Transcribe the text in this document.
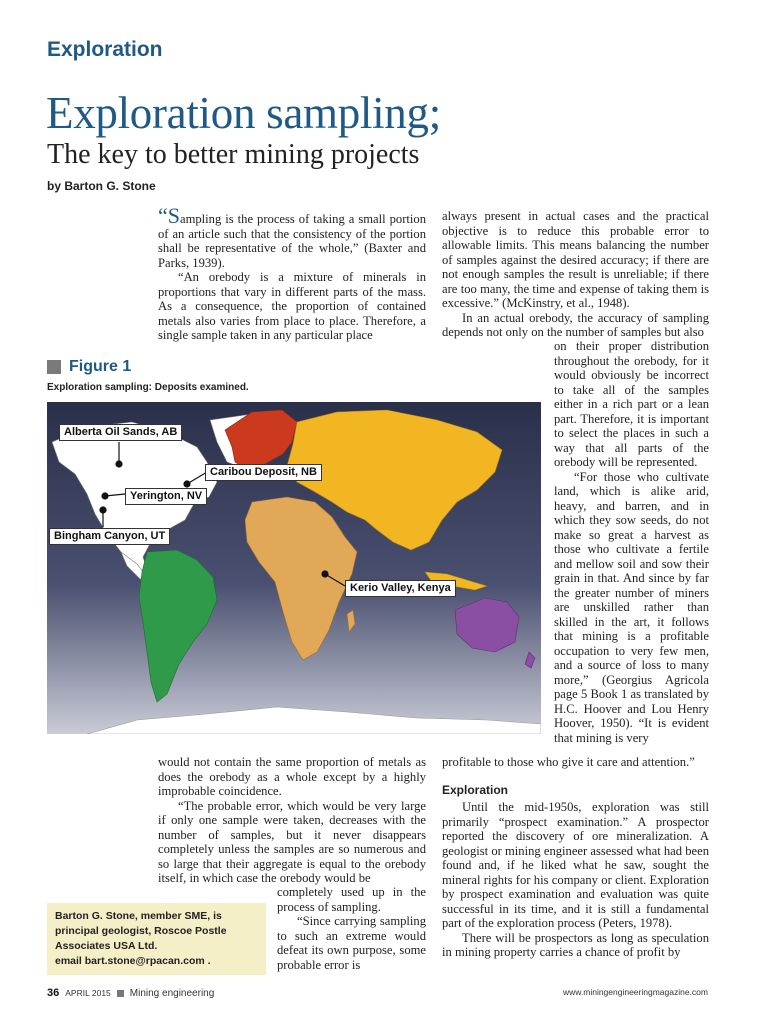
Exploration
Exploration sampling;
The key to better mining projects
by Barton G. Stone

“Sampling is the process of taking a small portion of an article such that the consistency of the portion shall be representative of the whole,” (Baxter and Parks, 1939).

“An orebody is a mixture of minerals in proportions that vary in different parts of the mass. As a consequence, the proportion of contained metals also varies from place to place. Therefore, a single sample taken in any particular place

always present in actual cases and the practical objective is to reduce this probable error to allowable limits. This means balancing the number of samples against the desired accuracy; if there are not enough samples the result is unreliable; if there are too many, the time and expense of taking them is excessive.” (McKinstry, et al., 1948).

In an actual orebody, the accuracy of sampling depends not only on the number of samples but also

on their proper distribution throughout the orebody, for it would obviously be incorrect to take all of the samples either in a rich part or a lean part. Therefore, it is important to select the places in such a way that all parts of the orebody will be represented.

“For those who cultivate land, which is alike arid, heavy, and barren, and in which they sow seeds, do not make so great a harvest as those who cultivate a fertile and mellow soil and sow their grain in that. And since by far the greater number of miners are unskilled rather than skilled in the art, it follows that mining is a profitable occupation to very few men, and a source of loss to many more,” (Georgius Agricola page 5 Book 1 as translated by H.C. Hoover and Lou Henry Hoover, 1950). “It is evident that mining is very

profitable to those who give it care and attention.”

Exploration

Until the mid-1950s, exploration was still primarily “prospect examination.” A prospector reported the discovery of ore mineralization. A geologist or mining engineer assessed what had been found and, if he liked what he saw, sought the mineral rights for his company or client. Exploration by prospect examination and evaluation was quite successful in its time, and it is still a fundamental part of the exploration process (Peters, 1978).

There will be prospectors as long as speculation in mining property carries a chance of profit by

Figure 1
Exploration sampling: Deposits examined.
Alberta Oil Sands, AB
Caribou Deposit, NB
Yerington, NV
Bingham Canyon, UT
Kerio Valley, Kenya

would not contain the same proportion of metals as does the orebody as a whole except by a highly improbable coincidence.

“The probable error, which would be very large if only one sample were taken, decreases with the number of samples, but it never disappears completely unless the samples are so numerous and so large that their aggregate is equal to the orebody itself, in which case the orebody would be

completely used up in the process of sampling.

“Since carrying sampling to such an extreme would defeat its own purpose, some probable error is

Barton G. Stone, member SME, is
principal geologist, Roscoe Postle
Associates USA Ltd.
email bart.stone@rpacan.com .
36 APRIL 2015 Mining engineering	www.miningengineeringmagazine.com
